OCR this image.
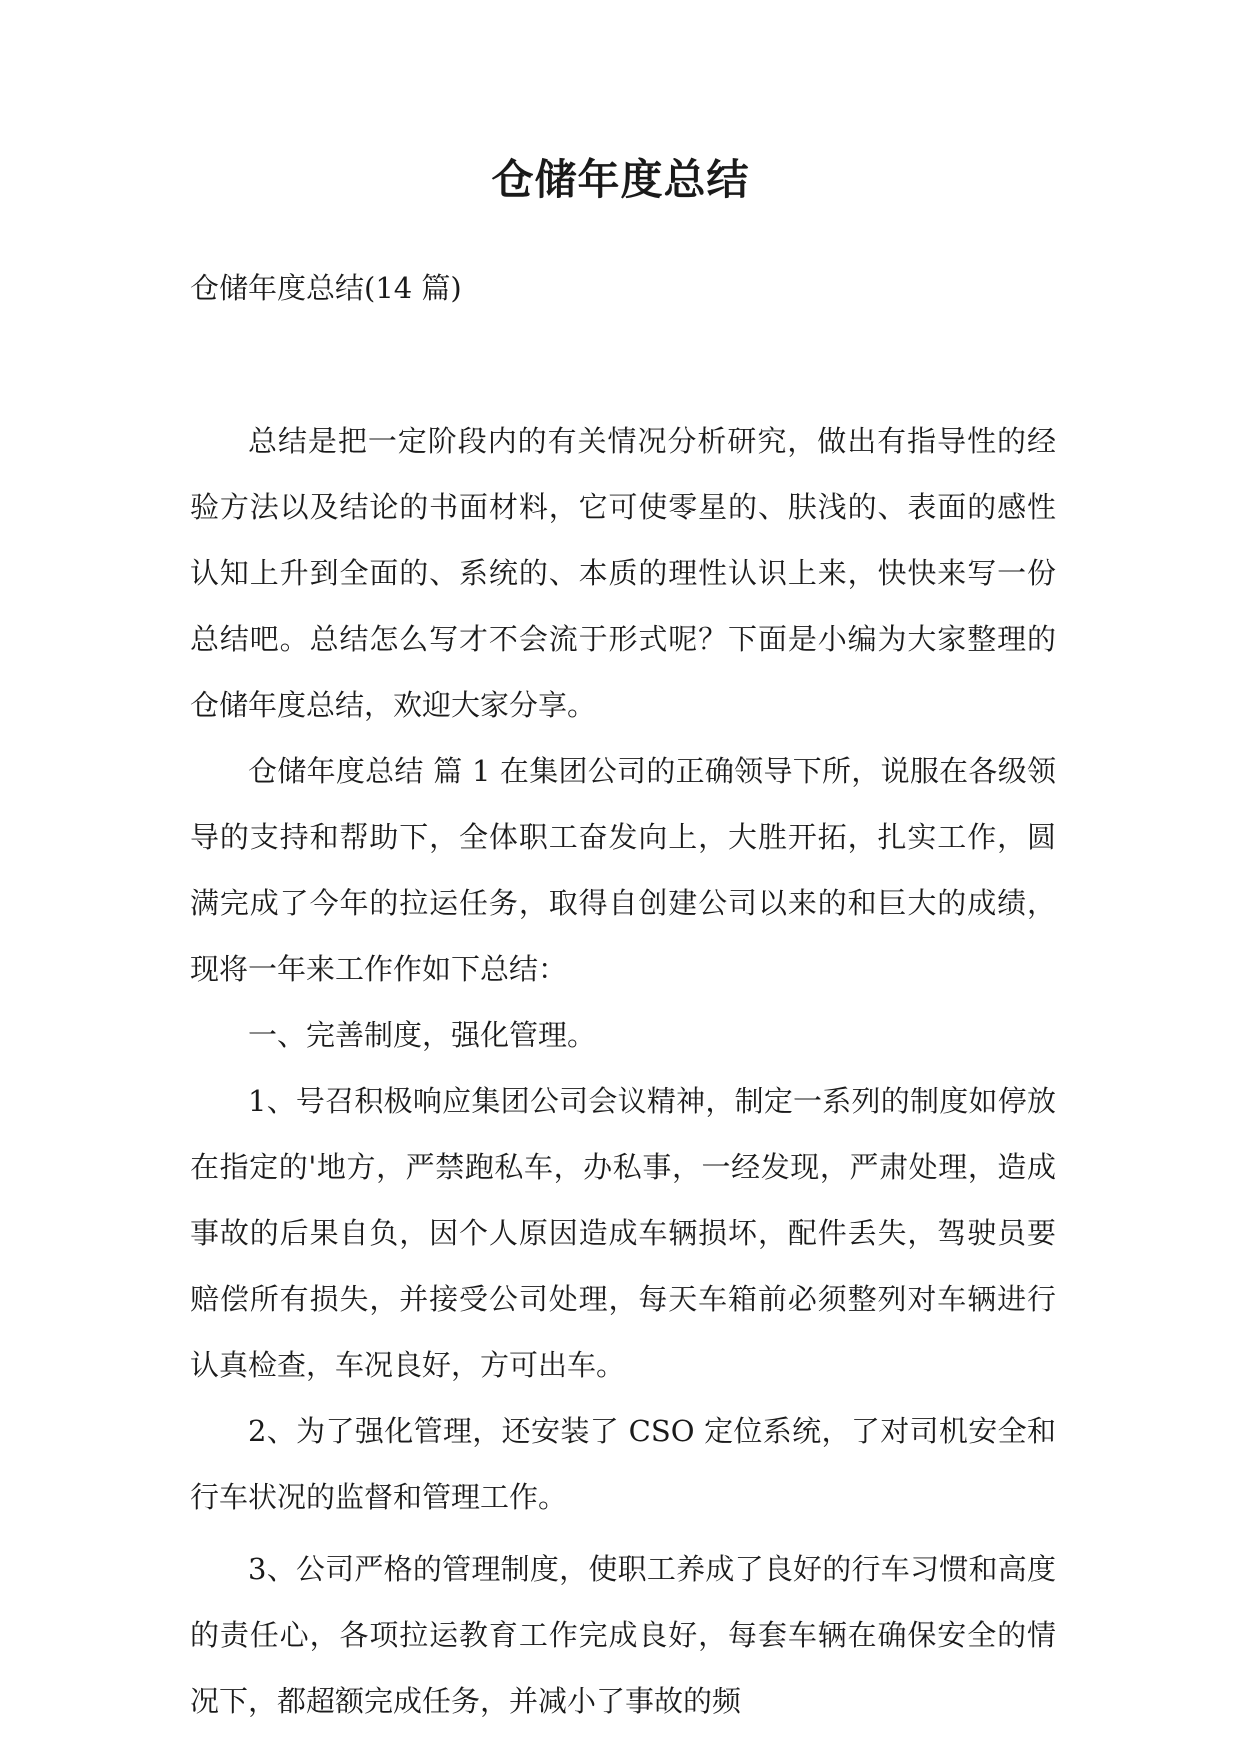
仓储年度总结

仓储年度总结(14 篇)

总结是把一定阶段内的有关情况分析研究，做出有指导性的经验方法以及结论的书面材料，它可使零星的、肤浅的、表面的感性认知上升到全面的、系统的、本质的理性认识上来，快快来写一份总结吧。总结怎么写才不会流于形式呢？下面是小编为大家整理的仓储年度总结，欢迎大家分享。

仓储年度总结 篇 1 在集团公司的正确领导下所，说服在各级领导的支持和帮助下，全体职工奋发向上，大胜开拓，扎实工作，圆满完成了今年的拉运任务，取得自创建公司以来的和巨大的成绩，现将一年来工作作如下总结：

一、完善制度，强化管理。

1、号召积极响应集团公司会议精神，制定一系列的制度如停放在指定的'地方，严禁跑私车，办私事，一经发现，严肃处理，造成事故的后果自负，因个人原因造成车辆损坏，配件丢失，驾驶员要赔偿所有损失，并接受公司处理，每天车箱前必须整列对车辆进行认真检查，车况良好，方可出车。

2、为了强化管理，还安装了 CSO 定位系统，了对司机安全和行车状况的监督和管理工作。

3、公司严格的管理制度，使职工养成了良好的行车习惯和高度的责任心，各项拉运教育工作完成良好，每套车辆在确保安全的情况下，都超额完成任务，并减小了事故的频
